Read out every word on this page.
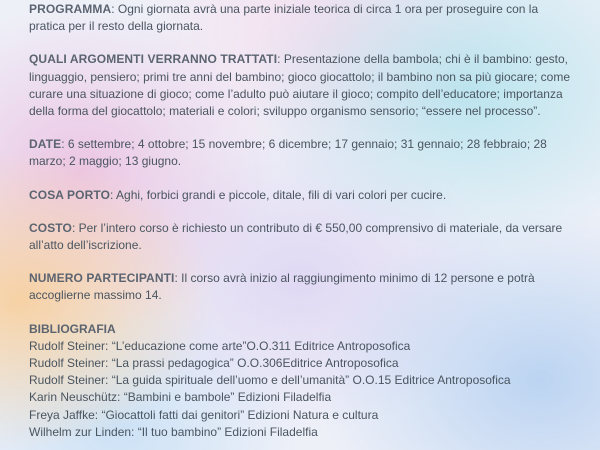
PROGRAMMA: Ogni giornata avrà una parte iniziale teorica di circa 1 ora per proseguire con la pratica per il resto della giornata.

QUALI ARGOMENTI VERRANNO TRATTATI: Presentazione della bambola; chi è il bambino: gesto, linguaggio, pensiero; primi tre anni del bambino; gioco giocattolo; il bambino non sa più giocare; come curare una situazione di gioco; come l’adulto può aiutare il gioco; compito dell’educatore; importanza della forma del giocattolo; materiali e colori; sviluppo organismo sensorio; “essere nel processo”.

DATE: 6 settembre; 4 ottobre; 15 novembre; 6 dicembre; 17 gennaio; 31 gennaio; 28 febbraio; 28 marzo; 2 maggio; 13 giugno.

COSA PORTO: Aghi, forbici grandi e piccole, ditale, fili di vari colori per cucire.

COSTO: Per l’intero corso è richiesto un contributo di € 550,00 comprensivo di materiale, da versare all’atto dell’iscrizione.

NUMERO PARTECIPANTI: Il corso avrà inizio al raggiungimento minimo di 12 persone e potrà accoglierne massimo 14.

BIBLIOGRAFIA
Rudolf Steiner: “L’educazione come arte”O.O.311 Editrice Antroposofica
Rudolf Steiner: “La prassi pedagogica” O.O.306Editrice Antroposofica
Rudolf Steiner: “La guida spirituale dell’uomo e dell’umanità” O.O.15 Editrice Antroposofica
Karin Neuschütz: “Bambini e bambole” Edizioni Filadelfia
Freya Jaffke: “Giocattoli fatti dai genitori” Edizioni Natura e cultura
Wilhelm zur Linden: “Il tuo bambino” Edizioni Filadelfia
